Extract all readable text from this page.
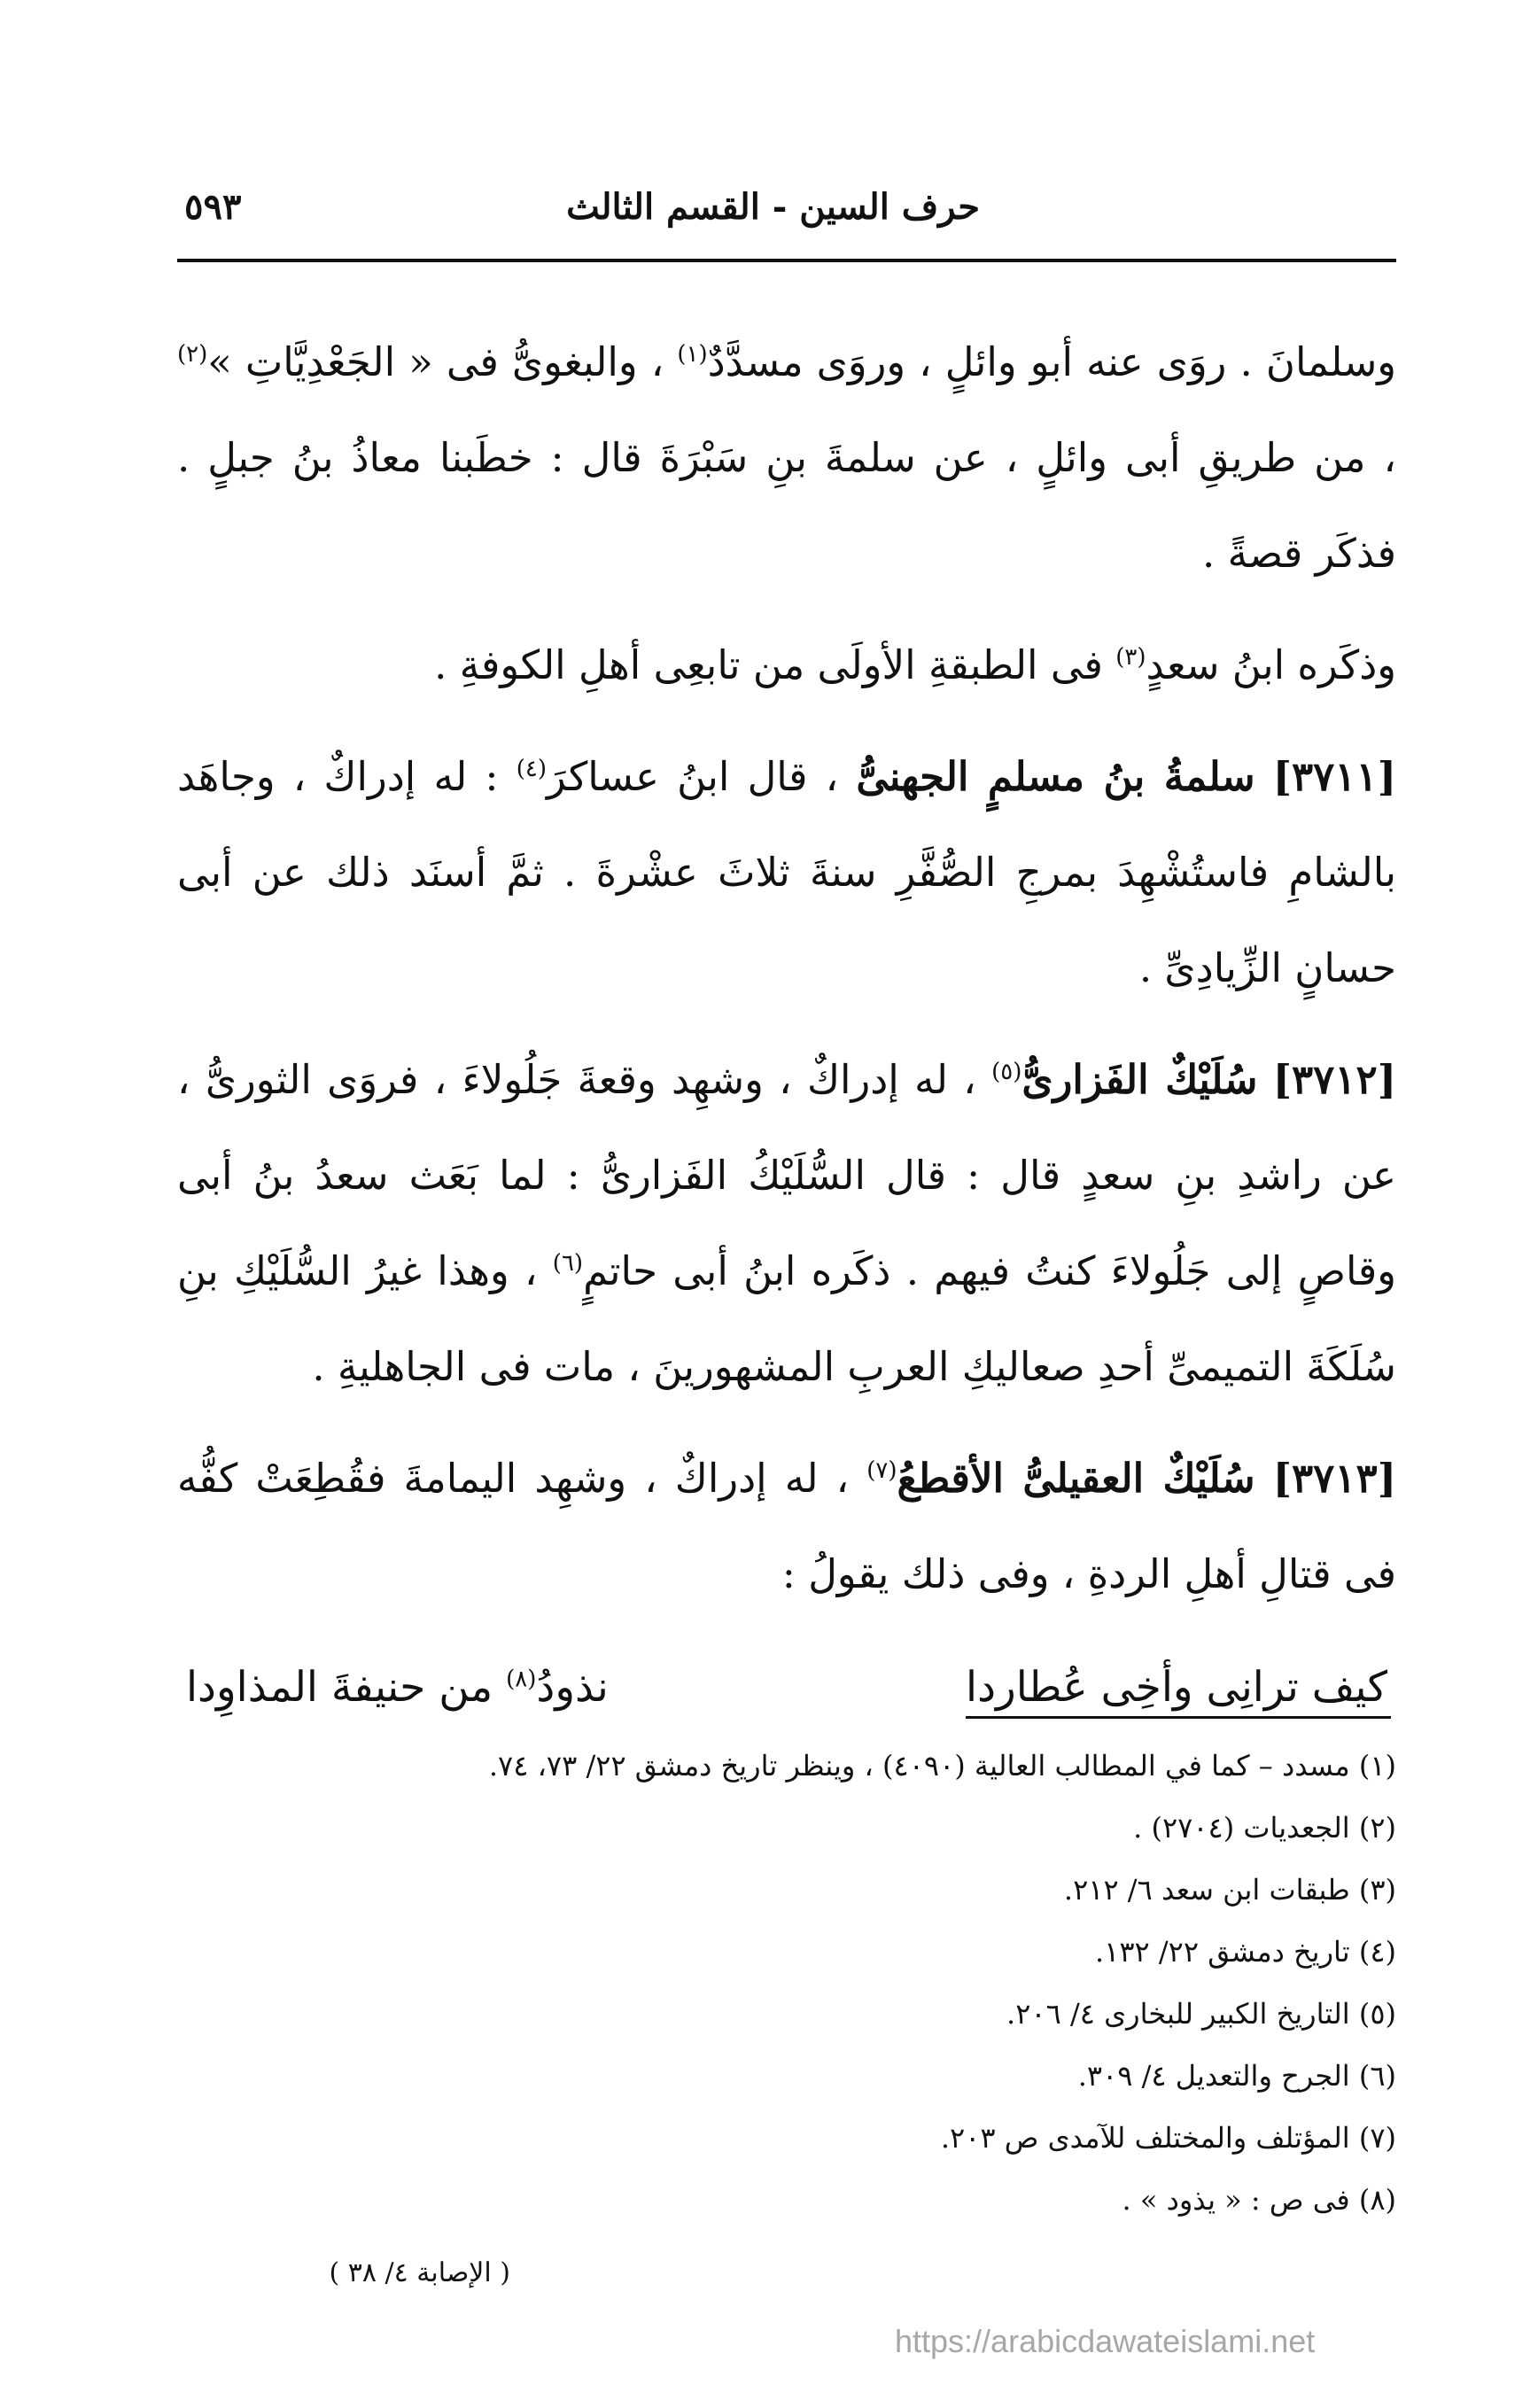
حرف السين - القسم الثالث
٥٩٣

وسلمانَ . روَى عنه أبو وائلٍ ، وروَى مسدَّدٌ$^{(١)}$ ، والبغوىُّ فى « الجَعْدِيَّاتِ »$^{(٢)}$ ، من طريقِ أبى وائلٍ ، عن سلمةَ بنِ سَبْرَةَ قال : خطَبنا معاذُ بنُ جبلٍ . فذكَر قصةً .

وذكَره ابنُ سعدٍ$^{(٣)}$ فى الطبقةِ الأولَى من تابعِى أهلِ الكوفةِ .

[٣٧١١] سلمةُ بنُ مسلمٍ الجهنىُّ ، قال ابنُ عساكرَ$^{(٤)}$ : له إدراكٌ ، وجاهَد بالشامِ فاستُشْهِدَ بمرجِ الصُّفَّرِ سنةَ ثلاثَ عشْرةَ . ثمَّ أسنَد ذلك عن أبى حسانٍ الزِّيادِىِّ .

[٣٧١٢] سُلَيْكٌ الفَزارىُّ$^{(٥)}$ ، له إدراكٌ ، وشهِد وقعةَ جَلُولاءَ ، فروَى الثورىُّ ، عن راشدِ بنِ سعدٍ قال : قال السُّلَيْكُ الفَزارىُّ : لما بَعَث سعدُ بنُ أبى وقاصٍ إلى جَلُولاءَ كنتُ فيهم . ذكَره ابنُ أبى حاتمٍ$^{(٦)}$ ، وهذا غيرُ السُّلَيْكِ بنِ سُلَكَةَ التميمىِّ أحدِ صعاليكِ العربِ المشهورينَ ، مات فى الجاهليةِ .

[٣٧١٣] سُلَيْكٌ العقيلىُّ الأقطعُ$^{(٧)}$ ، له إدراكٌ ، وشهِد اليمامةَ فقُطِعَتْ كفُّه فى قتالِ أهلِ الردةِ ، وفى ذلك يقولُ :

كيف ترانِى وأخِى عُطاردا
نذودُ$^{(٨)}$ من حنيفةَ المذاوِدا

(١) مسدد – كما في المطالب العالية (٤٠٩٠) ، وينظر تاريخ دمشق ٢٢/ ٧٣، ٧٤.

(٢) الجعديات (٢٧٠٤) .

(٣) طبقات ابن سعد ٦/ ٢١٢.

(٤) تاريخ دمشق ٢٢/ ١٣٢.

(٥) التاريخ الكبير للبخارى ٤/ ٢٠٦.

(٦) الجرح والتعديل ٤/ ٣٠٩.

(٧) المؤتلف والمختلف للآمدى ص ٢٠٣.

(٨) فى ص : « يذود » .

( الإصابة ٤/ ٣٨ )
https://arabicdawateislami.net
